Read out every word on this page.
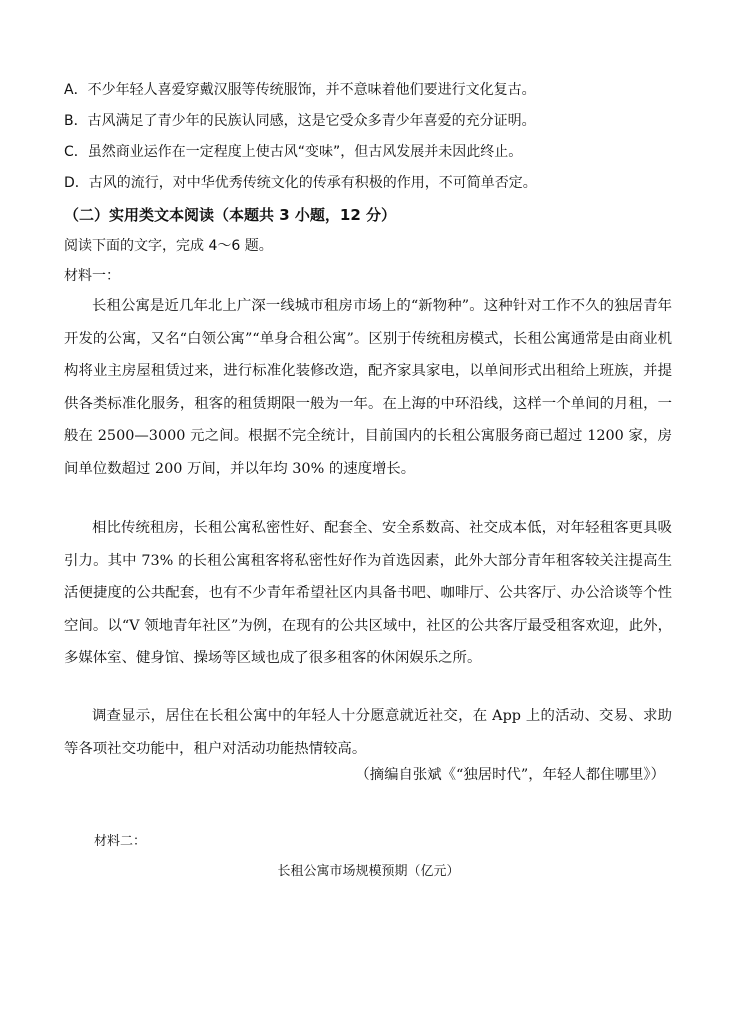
A．不少年轻人喜爱穿戴汉服等传统服饰，并不意味着他们要进行文化复古。
B．古风满足了青少年的民族认同感，这是它受众多青少年喜爱的充分证明。
C．虽然商业运作在一定程度上使古风“变味”，但古风发展并未因此终止。
D．古风的流行，对中华优秀传统文化的传承有积极的作用，不可简单否定。
（二）实用类文本阅读（本题共 3 小题，12 分）
阅读下面的文字，完成 4～6 题。
材料一：

长租公寓是近几年北上广深一线城市租房市场上的“新物种”。这种针对工作不久的独居青年开发的公寓，又名“白领公寓”“单身合租公寓”。区别于传统租房模式，长租公寓通常是由商业机构将业主房屋租赁过来，进行标准化装修改造，配齐家具家电，以单间形式出租给上班族，并提供各类标准化服务，租客的租赁期限一般为一年。在上海的中环沿线，这样一个单间的月租，一般在 2500—3000 元之间。根据不完全统计，目前国内的长租公寓服务商已超过 1200 家，房间单位数超过 200 万间，并以年均 30% 的速度增长。

相比传统租房，长租公寓私密性好、配套全、安全系数高、社交成本低，对年轻租客更具吸引力。其中 73% 的长租公寓租客将私密性好作为首选因素，此外大部分青年租客较关注提高生活便捷度的公共配套，也有不少青年希望社区内具备书吧、咖啡厅、公共客厅、办公洽谈等个性空间。以“V 领地青年社区”为例，在现有的公共区域中，社区的公共客厅最受租客欢迎，此外，多媒体室、健身馆、操场等区域也成了很多租客的休闲娱乐之所。

调查显示，居住在长租公寓中的年轻人十分愿意就近社交，在 App 上的活动、交易、求助等各项社交功能中，租户对活动功能热情较高。

（摘编自张斌《“独居时代”，年轻人都住哪里》）
材料二：
长租公寓市场规模预期（亿元）
